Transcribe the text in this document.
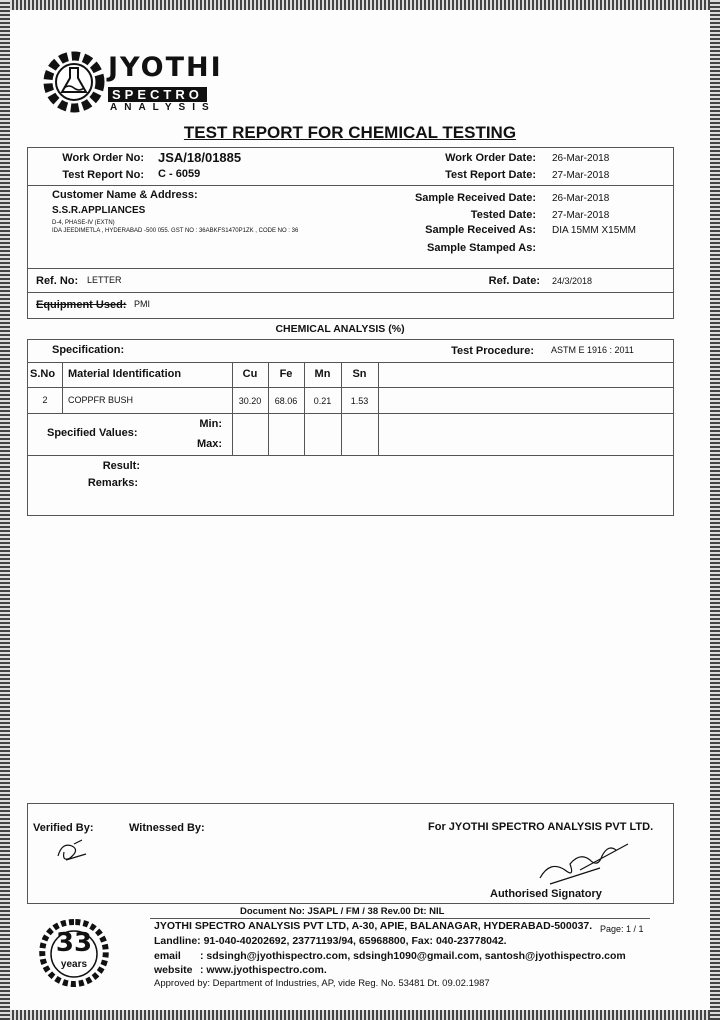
JYOTHI
SPECTRO
ANALYSIS
TEST REPORT FOR CHEMICAL TESTING
Work Order No: JSA/18/01885
Test Report No: C - 6059
Work Order Date: 26-Mar-2018
Test Report Date: 27-Mar-2018
Customer Name & Address:
S.S.R.APPLIANCES
D-4, PHASE-IV (EXTN)
IDA JEEDIMETLA , HYDERABAD -500 055. GST NO : 36ABKFS1470P1ZK , CODE NO : 36
Sample Received Date: 26-Mar-2018
Tested Date: 27-Mar-2018
Sample Received As: DIA 15MM X15MM
Sample Stamped As:
Ref. No: LETTER	Ref. Date: 24/3/2018
Equipment Used: PMI
CHEMICAL ANALYSIS (%)
Specification:	Test Procedure: ASTM E 1916 : 2011
S.No Material Identification	Cu	Fe	Mn	Sn
2	COPPFR BUSH	30.20	68.06	0.21	1.53
Specified Values:
Min:
Max:
Result:
Remarks:
Verified By:	Witnessed By:	For JYOTHI SPECTRO ANALYSIS PVT LTD.
Authorised Signatory
Document No: JSAPL / FM / 38 Rev.00 Dt: NIL
33
years
JYOTHI SPECTRO ANALYSIS PVT LTD, A-30, APIE, BALANAGAR, HYDERABAD-500037. Page: 1 / 1
Landline: 91-040-40202692, 23771193/94, 65968800, Fax: 040-23778042.
email : sdsingh@jyothispectro.com, sdsingh1090@gmail.com, santosh@jyothispectro.com
website : www.jyothispectro.com.
Approved by: Department of Industries, AP, vide Reg. No. 53481 Dt. 09.02.1987
